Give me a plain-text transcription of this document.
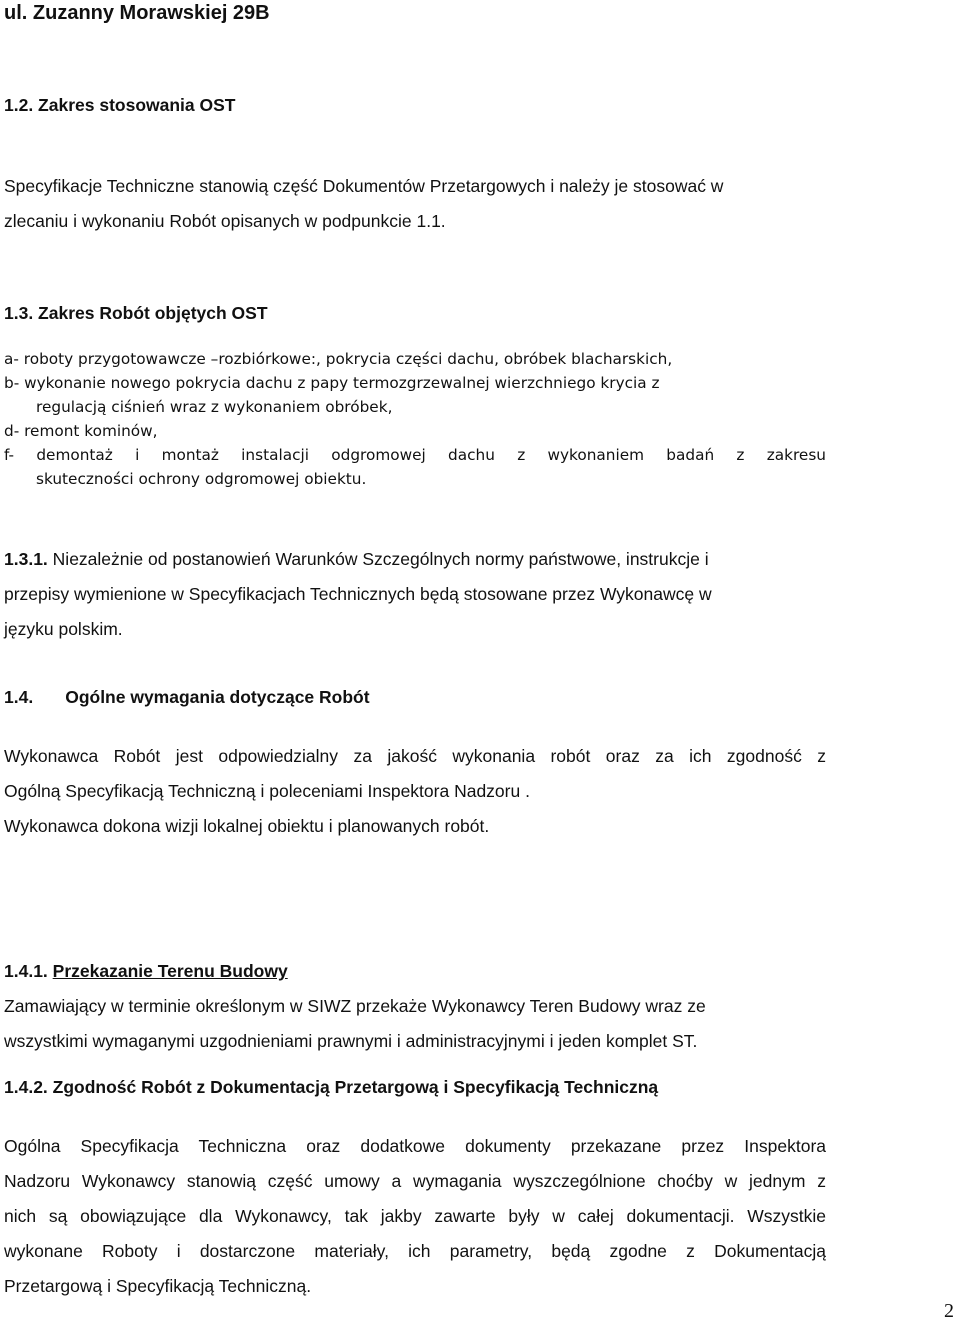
ul. Zuzanny Morawskiej 29B
1.2. Zakres stosowania OST
Specyfikacje Techniczne stanowią część Dokumentów Przetargowych i należy je stosować w
zlecaniu i wykonaniu Robót opisanych w podpunkcie 1.1.
1.3. Zakres Robót objętych OST
a- roboty przygotowawcze –rozbiórkowe:, pokrycia części dachu, obróbek blacharskich,
b- wykonanie nowego pokrycia dachu z papy termozgrzewalnej wierzchniego krycia z
regulacją ciśnień wraz z wykonaniem obróbek,
d- remont kominów,
f- demontaż i montaż instalacji odgromowej dachu z wykonaniem badań z zakresu
skuteczności ochrony odgromowej obiektu.
1.3.1. Niezależnie od postanowień Warunków Szczególnych normy państwowe, instrukcje i
przepisy wymienione w Specyfikacjach Technicznych będą stosowane przez Wykonawcę w
języku polskim.
1.4. Ogólne wymagania dotyczące Robót
Wykonawca Robót jest odpowiedzialny za jakość wykonania robót oraz za ich zgodność z
Ogólną Specyfikacją Techniczną i poleceniami Inspektora Nadzoru .
Wykonawca dokona wizji lokalnej obiektu i planowanych robót.
1.4.1. Przekazanie Terenu Budowy
Zamawiający w terminie określonym w SIWZ przekaże Wykonawcy Teren Budowy wraz ze
wszystkimi wymaganymi uzgodnieniami prawnymi i administracyjnymi i jeden komplet ST.
1.4.2. Zgodność Robót z Dokumentacją Przetargową i Specyfikacją Techniczną
Ogólna Specyfikacja Techniczna oraz dodatkowe dokumenty przekazane przez Inspektora
Nadzoru Wykonawcy stanowią część umowy a wymagania wyszczególnione choćby w jednym z
nich są obowiązujące dla Wykonawcy, tak jakby zawarte były w całej dokumentacji. Wszystkie
wykonane Roboty i dostarczone materiały, ich parametry, będą zgodne z Dokumentacją
Przetargową i Specyfikacją Techniczną.
2
